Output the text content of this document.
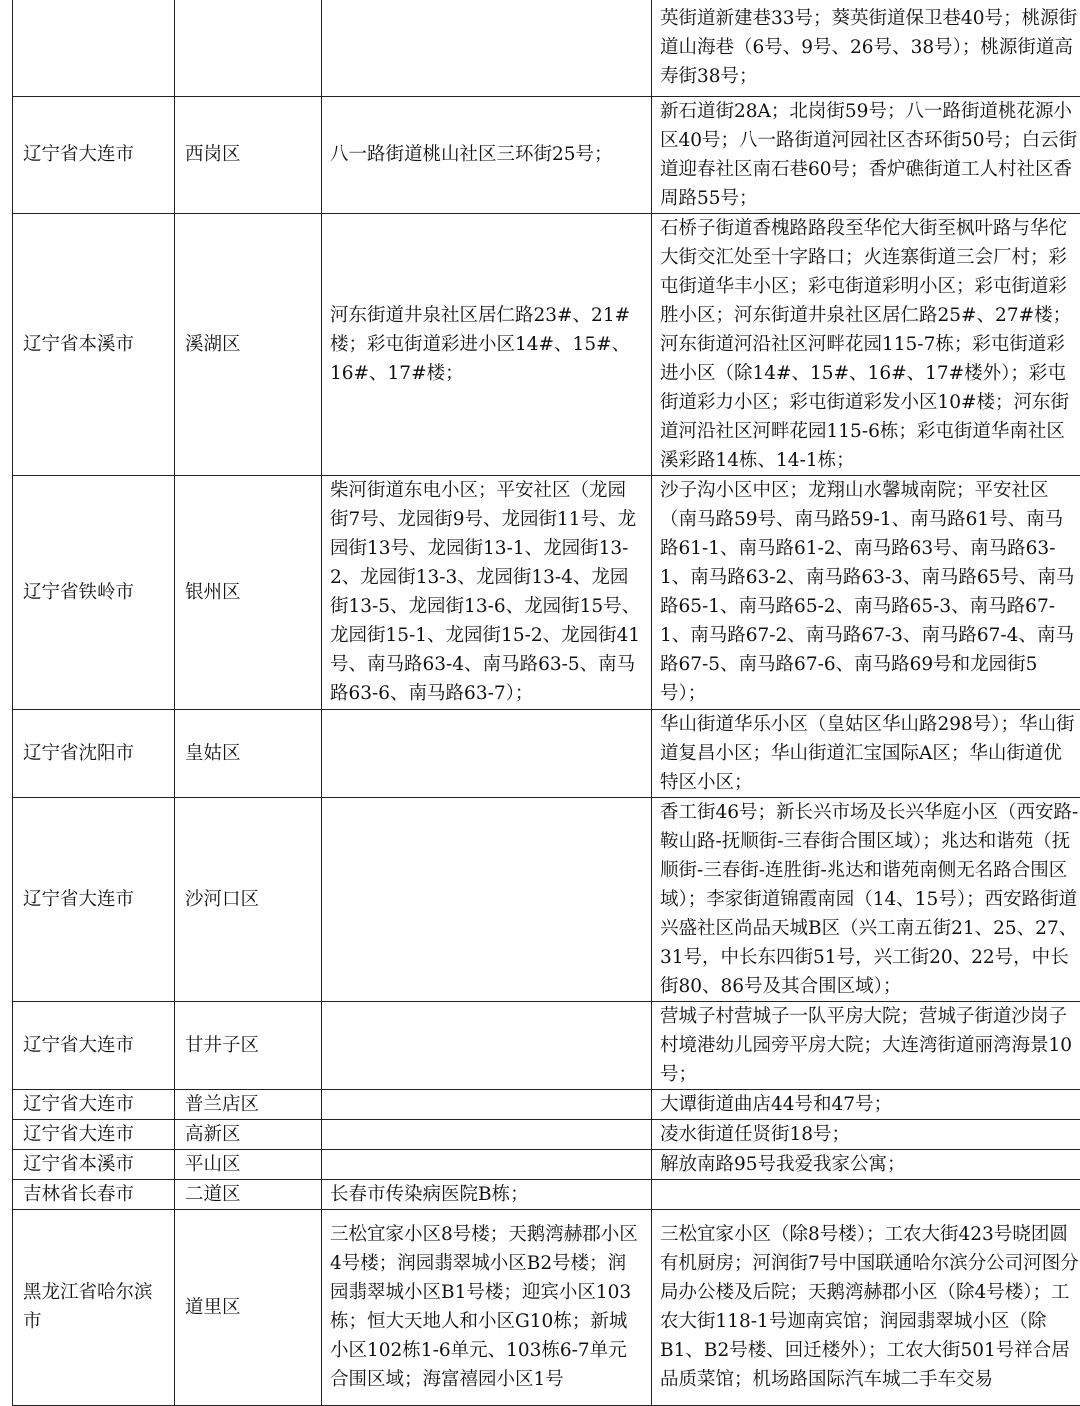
			英街道新建巷33号；葵英街道保卫巷40号；桃源街道山海巷（6号、9号、26号、38号）；桃源街道高寿街38号；
辽宁省大连市	西岗区	八一路街道桃山社区三环街25号；	新石道街28A；北岗街59号；八一路街道桃花源小区40号；八一路街道河园社区杏环街50号；白云街道迎春社区南石巷60号；香炉礁街道工人村社区香周路55号；
辽宁省本溪市	溪湖区	河东街道井泉社区居仁路23#、21#楼；彩屯街道彩进小区14#、15#、16#、17#楼；	石桥子街道香槐路路段至华佗大街至枫叶路与华佗大街交汇处至十字路口；火连寨街道三会厂村；彩屯街道华丰小区；彩屯街道彩明小区；彩屯街道彩胜小区；河东街道井泉社区居仁路25#、27#楼；河东街道河沿社区河畔花园115-7栋；彩屯街道彩进小区（除14#、15#、16#、17#楼外）；彩屯街道彩力小区；彩屯街道彩发小区10#楼；河东街道河沿社区河畔花园115-6栋；彩屯街道华南社区溪彩路14栋、14-1栋；
辽宁省铁岭市	银州区	柴河街道东电小区；平安社区（龙园街7号、龙园街9号、龙园街11号、龙园街13号、龙园街13-1、龙园街13-2、龙园街13-3、龙园街13-4、龙园街13-5、龙园街13-6、龙园街15号、龙园街15-1、龙园街15-2、龙园街41号、南马路63-4、南马路63-5、南马路63-6、南马路63-7）；	沙子沟小区中区；龙翔山水馨城南院；平安社区（南马路59号、南马路59-1、南马路61号、南马路61-1、南马路61-2、南马路63号、南马路63-1、南马路63-2、南马路63-3、南马路65号、南马路65-1、南马路65-2、南马路65-3、南马路67-1、南马路67-2、南马路67-3、南马路67-4、南马路67-5、南马路67-6、南马路69号和龙园街5号）；
辽宁省沈阳市	皇姑区		华山街道华乐小区（皇姑区华山路298号）；华山街道复昌小区；华山街道汇宝国际A区；华山街道优特区小区；
辽宁省大连市	沙河口区		香工街46号；新长兴市场及长兴华庭小区（西安路-鞍山路-抚顺街-三春街合围区域）；兆达和谐苑（抚顺街-三春街-连胜街-兆达和谐苑南侧无名路合围区域）；李家街道锦霞南园（14、15号）；西安路街道兴盛社区尚品天城B区（兴工南五街21、25、27、31号，中长东四街51号，兴工街20、22号，中长街80、86号及其合围区域）；
辽宁省大连市	甘井子区		营城子村营城子一队平房大院；营城子街道沙岗子村境港幼儿园旁平房大院；大连湾街道丽湾海景10号；
辽宁省大连市	普兰店区		大谭街道曲店44号和47号；
辽宁省大连市	高新区		凌水街道任贤街18号；
辽宁省本溪市	平山区		解放南路95号我爱我家公寓；
吉林省长春市	二道区	长春市传染病医院B栋；	
黑龙江省哈尔滨市	道里区	三松宜家小区8号楼；天鹅湾赫郡小区4号楼；润园翡翠城小区B2号楼；润园翡翠城小区B1号楼；迎宾小区103栋；恒大天地人和小区G10栋；新城小区102栋1-6单元、103栋6-7单元合围区域；海富禧园小区1号	三松宜家小区（除8号楼）；工农大街423号晓团圆有机厨房；河润街7号中国联通哈尔滨分公司河图分局办公楼及后院；天鹅湾赫郡小区（除4号楼）；工农大街118-1号迦南宾馆；润园翡翠城小区（除B1、B2号楼、回迁楼外）；工农大街501号祥合居品质菜馆；机场路国际汽车城二手车交易
